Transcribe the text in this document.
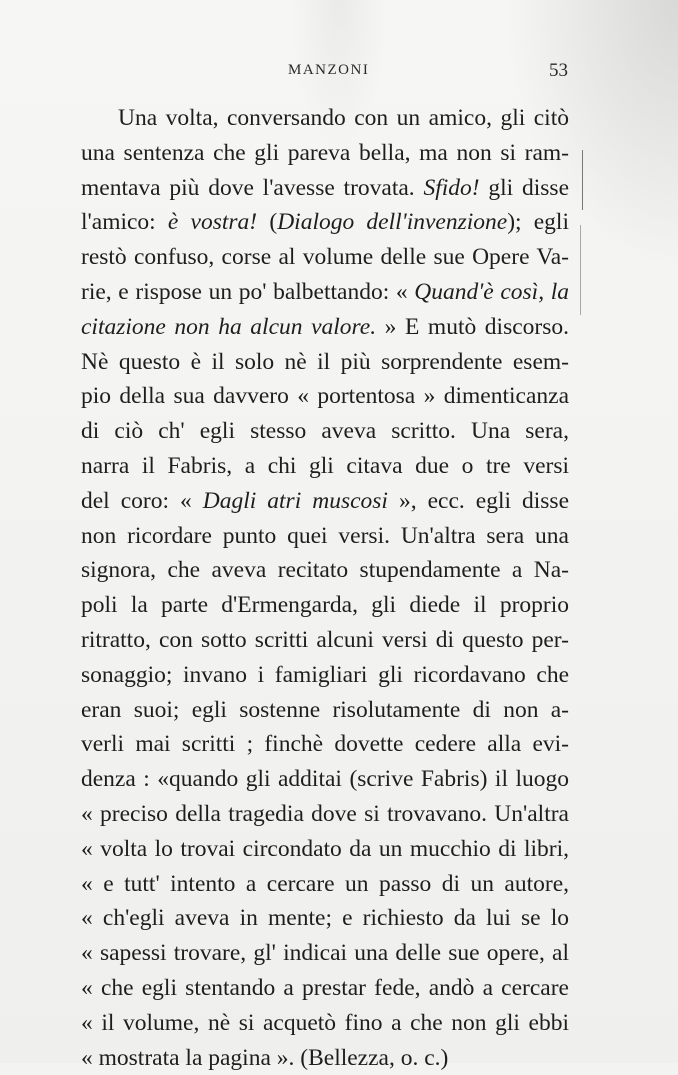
MANZONI	53
Una volta, conversando con un amico, gli citò
una sentenza che gli pareva bella, ma non si ram-
mentava più dove l'avesse trovata. Sfido! gli disse
l'amico: è vostra! (Dialogo dell'invenzione); egli
restò confuso, corse al volume delle sue Opere Va-
rie, e rispose un po' balbettando: « Quand'è così, la
citazione non ha alcun valore. » E mutò discorso.
Nè questo è il solo nè il più sorprendente esem-
pio della sua davvero « portentosa » dimenticanza
di ciò ch' egli stesso aveva scritto. Una sera,
narra il Fabris, a chi gli citava due o tre versi
del coro: « Dagli atri muscosi », ecc. egli disse
non ricordare punto quei versi. Un'altra sera una
signora, che aveva recitato stupendamente a Na-
poli la parte d'Ermengarda, gli diede il proprio
ritratto, con sotto scritti alcuni versi di questo per-
sonaggio; invano i famigliari gli ricordavano che
eran suoi; egli sostenne risolutamente di non a-
verli mai scritti ; finchè dovette cedere alla evi-
denza : «quando gli additai (scrive Fabris) il luogo
« preciso della tragedia dove si trovavano. Un'altra
« volta lo trovai circondato da un mucchio di libri,
« e tutt' intento a cercare un passo di un autore,
« ch'egli aveva in mente; e richiesto da lui se lo
« sapessi trovare, gl' indicai una delle sue opere, al
« che egli stentando a prestar fede, andò a cercare
« il volume, nè si acquetò fino a che non gli ebbi
« mostrata la pagina ». (Bellezza, o. c.)
